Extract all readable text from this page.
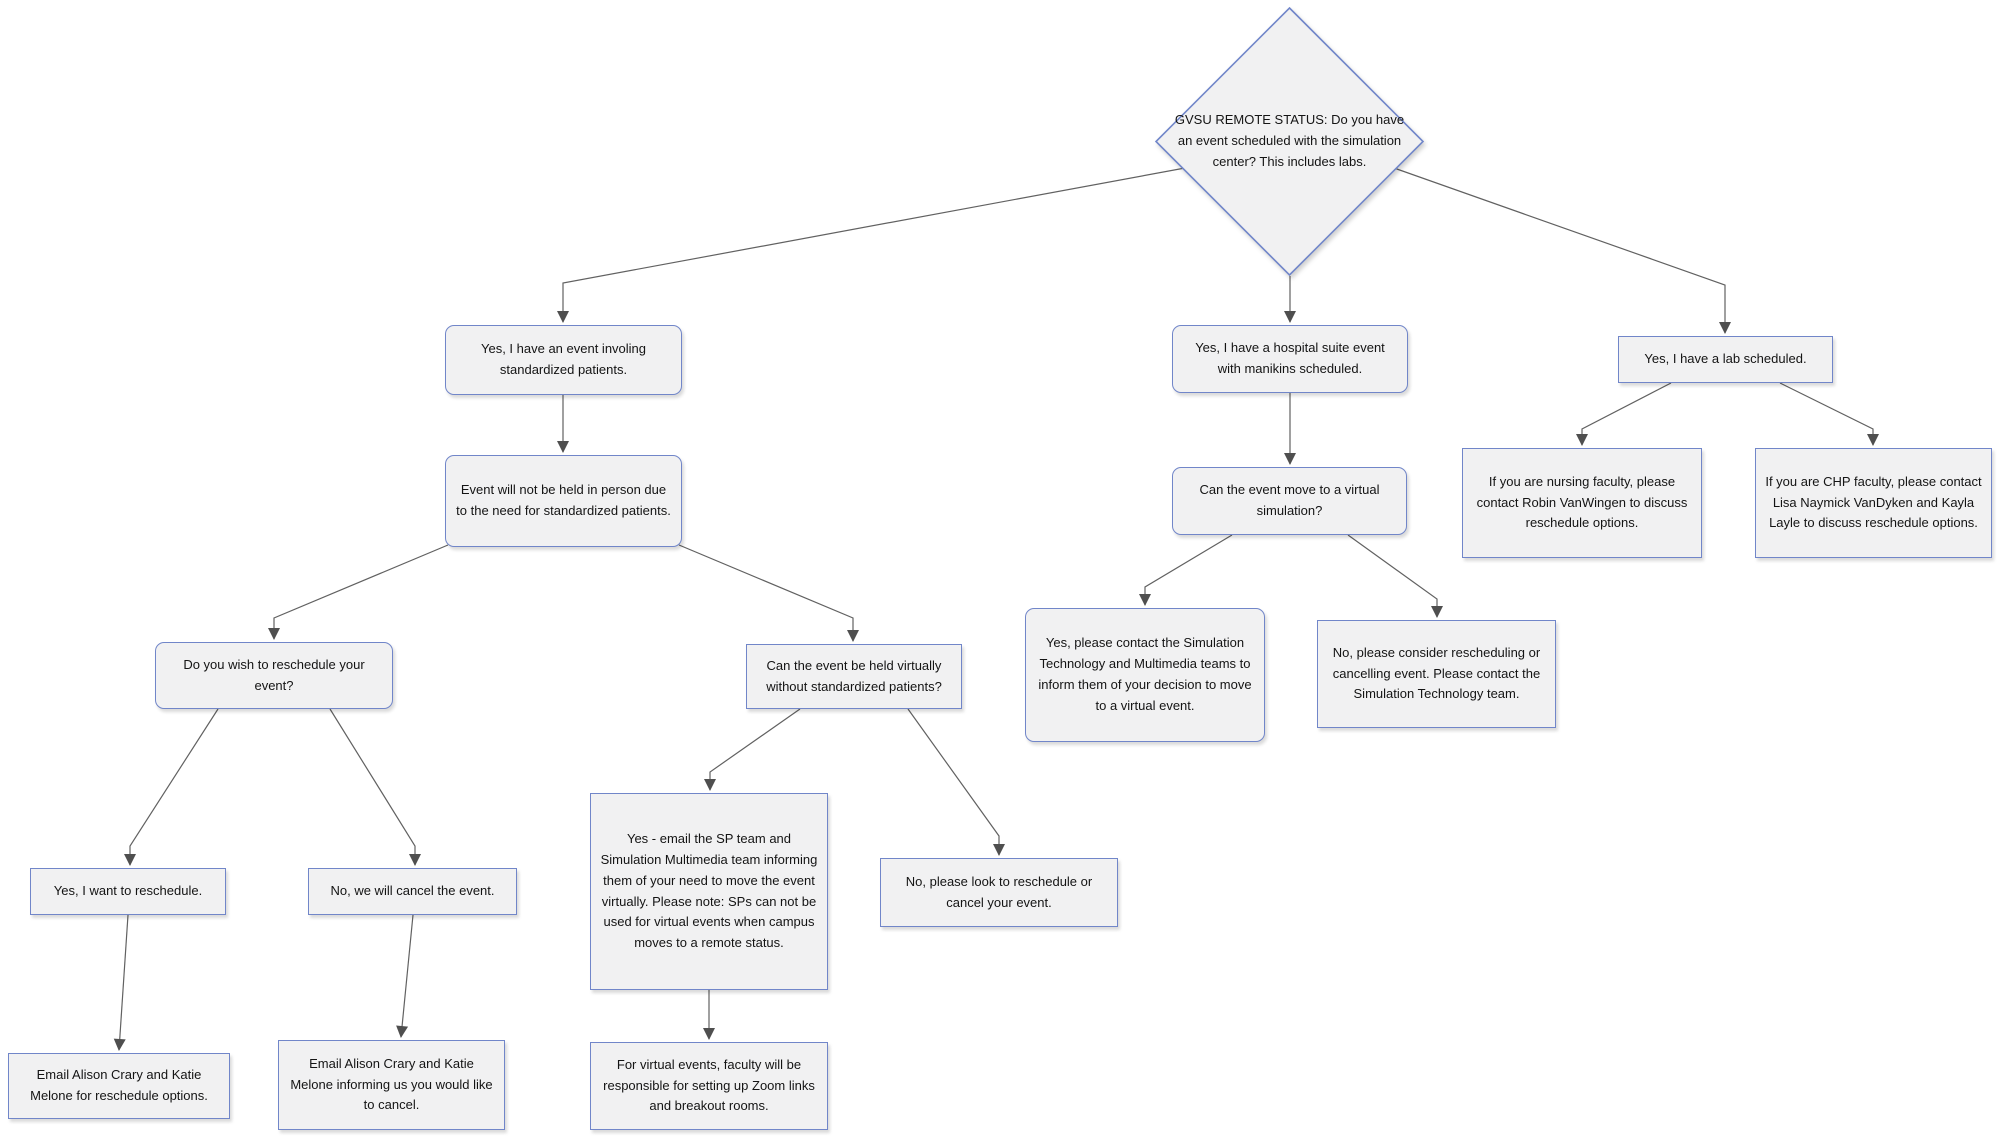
GVSU REMOTE STATUS: Do you have an event scheduled with the simulation center? This includes labs.
Yes, I have an event involing standardized patients.
Yes, I have a hospital suite event with manikins scheduled.
Yes, I have a lab scheduled.
Event will not be held in person due to the need for standardized patients.
Can the event move to a virtual simulation?
If you are nursing faculty, please contact Robin VanWingen to discuss reschedule options.
If you are CHP faculty, please contact Lisa Naymick VanDyken and Kayla Layle to discuss reschedule options.
Do you wish to reschedule your event?
Can the event be held virtually without standardized patients?
Yes, please contact the Simulation Technology and Multimedia teams to inform them of your decision to move to a virtual event.
No, please consider rescheduling or cancelling event. Please contact the Simulation Technology team.
Yes, I want to reschedule.	No, we will cancel the event.
Yes - email the SP team and Simulation Multimedia team informing them of your need to move the event virtually. Please note: SPs can not be used for virtual events when campus moves to a remote status.
No, please look to reschedule or cancel your event.
Email Alison Crary and Katie Melone for reschedule options.
Email Alison Crary and Katie Melone informing us you would like to cancel.
For virtual events, faculty will be responsible for setting up Zoom links and breakout rooms.
